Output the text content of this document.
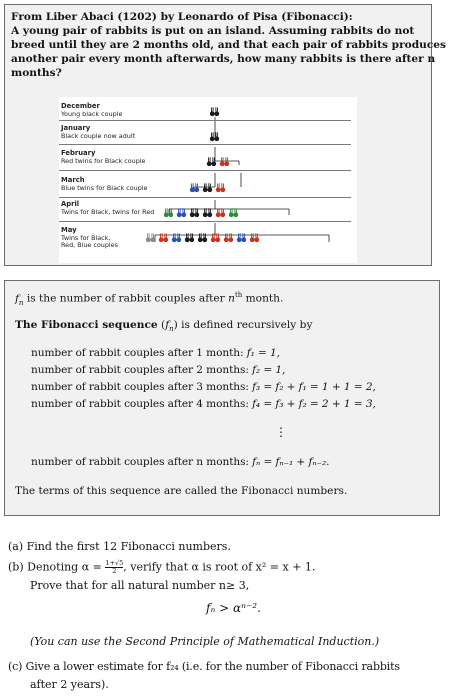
From Liber Abaci (1202) by Leonardo of Pisa (Fibonacci):
A young pair of rabbits is put on an island. Assuming rabbits do not
breed until they are 2 months old, and that each pair of rabbits produces
another pair every month afterwards, how many rabbits is there after n
months?
December
Young black couple
January
Black couple now adult
February
Red twins for Black couple
March
Blue twins for Black couple
April
Twins for Black, twins for Red
May
Twins for Black, Red, Blue couples
$f_n$ is the number of rabbit couples after $n^{th}$ month.
The Fibonacci sequence $(f_n)$ is defined recursively by
number of rabbit couples after 1 month: f₁ = 1,
number of rabbit couples after 2 months: f₂ = 1,
number of rabbit couples after 3 months: f₃ = f₂ + f₁ = 1 + 1 = 2,
number of rabbit couples after 4 months: f₄ = f₃ + f₂ = 2 + 1 = 3,
⋮
number of rabbit couples after n months: fₙ = fₙ₋₁ + fₙ₋₂.
The terms of this sequence are called the Fibonacci numbers.
(a) Find the first 12 Fibonacci numbers.
(b) Denoting $\alpha = \frac{1+√5}{2}$ , verify that α is root of x² = x + 1.
Prove that for all natural number n≥ 3,
fₙ > αⁿ⁻².
(You can use the Second Principle of Mathematical Induction.)
(c) Give a lower estimate for f₂₄ (i.e. for the number of Fibonacci rabbits
after 2 years).
